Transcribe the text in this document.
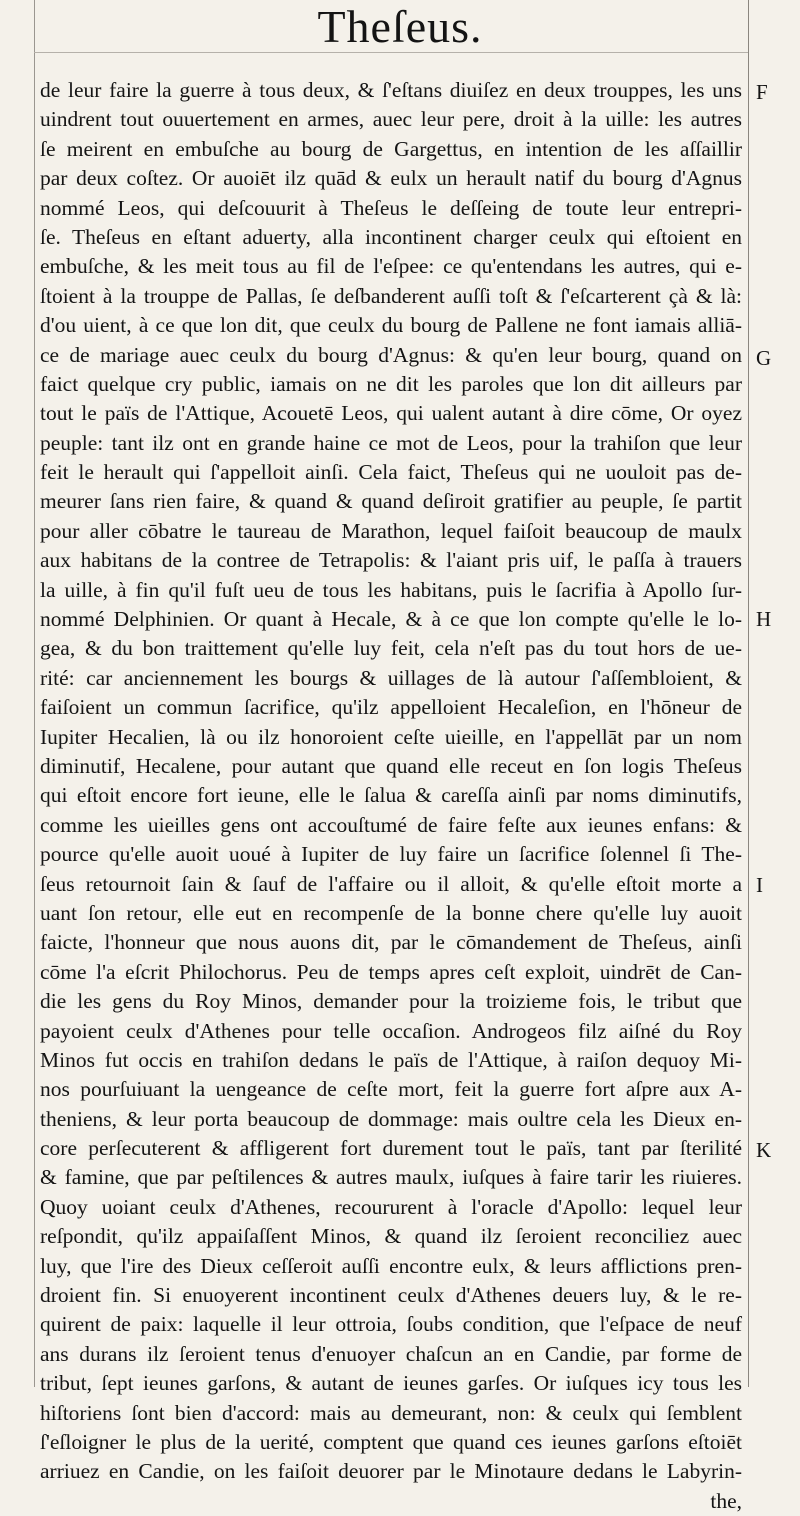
Theſeus.
de leur faire la guerre à tous deux, & ſ'eſtans diuiſez en deux trouppes, les uns
uindrent tout ouuertement en armes, auec leur pere, droit à la uille: les autres
ſe meirent en embuſche au bourg de Gargettus, en intention de les aſſaillir
par deux coſtez. Or auoiēt ilz quād & eulx un herault natif du bourg d'Agnus
nommé Leos, qui deſcouurit à Theſeus le deſſeing de toute leur entrepri-
ſe. Theſeus en eſtant aduerty, alla incontinent charger ceulx qui eſtoient en
embuſche, & les meit tous au fil de l'eſpee: ce qu'entendans les autres, qui e-
ſtoient à la trouppe de Pallas, ſe deſbanderent auſſi toſt & ſ'eſcarterent çà & là:
d'ou uient, à ce que lon dit, que ceulx du bourg de Pallene ne font iamais alliā-
ce de mariage auec ceulx du bourg d'Agnus: & qu'en leur bourg, quand on
faict quelque cry public, iamais on ne dit les paroles que lon dit ailleurs par
tout le païs de l'Attique, Acouetē Leos, qui ualent autant à dire cōme, Or oyez
peuple: tant ilz ont en grande haine ce mot de Leos, pour la trahiſon que leur
feit le herault qui ſ'appelloit ainſi. Cela faict, Theſeus qui ne uouloit pas de-
meurer ſans rien faire, & quand & quand deſiroit gratifier au peuple, ſe partit
pour aller cōbatre le taureau de Marathon, lequel faiſoit beaucoup de maulx
aux habitans de la contree de Tetrapolis: & l'aiant pris uif, le paſſa à trauers
la uille, à fin qu'il fuſt ueu de tous les habitans, puis le ſacrifia à Apollo ſur-
nommé Delphinien. Or quant à Hecale, & à ce que lon compte qu'elle le lo-
gea, & du bon traittement qu'elle luy feit, cela n'eſt pas du tout hors de ue-
rité: car anciennement les bourgs & uillages de là autour ſ'aſſembloient, &
faiſoient un commun ſacrifice, qu'ilz appelloient Hecaleſion, en l'hōneur de
Iupiter Hecalien, là ou ilz honoroient ceſte uieille, en l'appellāt par un nom
diminutif, Hecalene, pour autant que quand elle receut en ſon logis Theſeus
qui eſtoit encore fort ieune, elle le ſalua & careſſa ainſi par noms diminutifs,
comme les uieilles gens ont accouſtumé de faire feſte aux ieunes enfans: &
pource qu'elle auoit uoué à Iupiter de luy faire un ſacrifice ſolennel ſi The-
ſeus retournoit ſain & ſauf de l'affaire ou il alloit, & qu'elle eſtoit morte a
uant ſon retour, elle eut en recompenſe de la bonne chere qu'elle luy auoit
faicte, l'honneur que nous auons dit, par le cōmandement de Theſeus, ainſi
cōme l'a eſcrit Philochorus. Peu de temps apres ceſt exploit, uindrēt de Can-
die les gens du Roy Minos, demander pour la troizieme fois, le tribut que
payoient ceulx d'Athenes pour telle occaſion. Androgeos filz aiſné du Roy
Minos fut occis en trahiſon dedans le païs de l'Attique, à raiſon dequoy Mi-
nos pourſuiuant la uengeance de ceſte mort, feit la guerre fort aſpre aux A-
theniens, & leur porta beaucoup de dommage: mais oultre cela les Dieux en-
core perſecuterent & affligerent fort durement tout le païs, tant par ſterilité
& famine, que par peſtilences & autres maulx, iuſques à faire tarir les riuieres.
Quoy uoiant ceulx d'Athenes, recoururent à l'oracle d'Apollo: lequel leur
reſpondit, qu'ilz appaiſaſſent Minos, & quand ilz ſeroient reconciliez auec
luy, que l'ire des Dieux ceſſeroit auſſi encontre eulx, & leurs afflictions pren-
droient fin. Si enuoyerent incontinent ceulx d'Athenes deuers luy, & le re-
quirent de paix: laquelle il leur ottroia, ſoubs condition, que l'eſpace de neuf
ans durans ilz ſeroient tenus d'enuoyer chaſcun an en Candie, par forme de
tribut, ſept ieunes garſons, & autant de ieunes garſes. Or iuſques icy tous les
hiſtoriens ſont bien d'accord: mais au demeurant, non: & ceulx qui ſemblent
ſ'eſloigner le plus de la uerité, comptent que quand ces ieunes garſons eſtoiēt
arriuez en Candie, on les faiſoit deuorer par le Minotaure dedans le Labyrin-
the,
F
G
H
I
K
